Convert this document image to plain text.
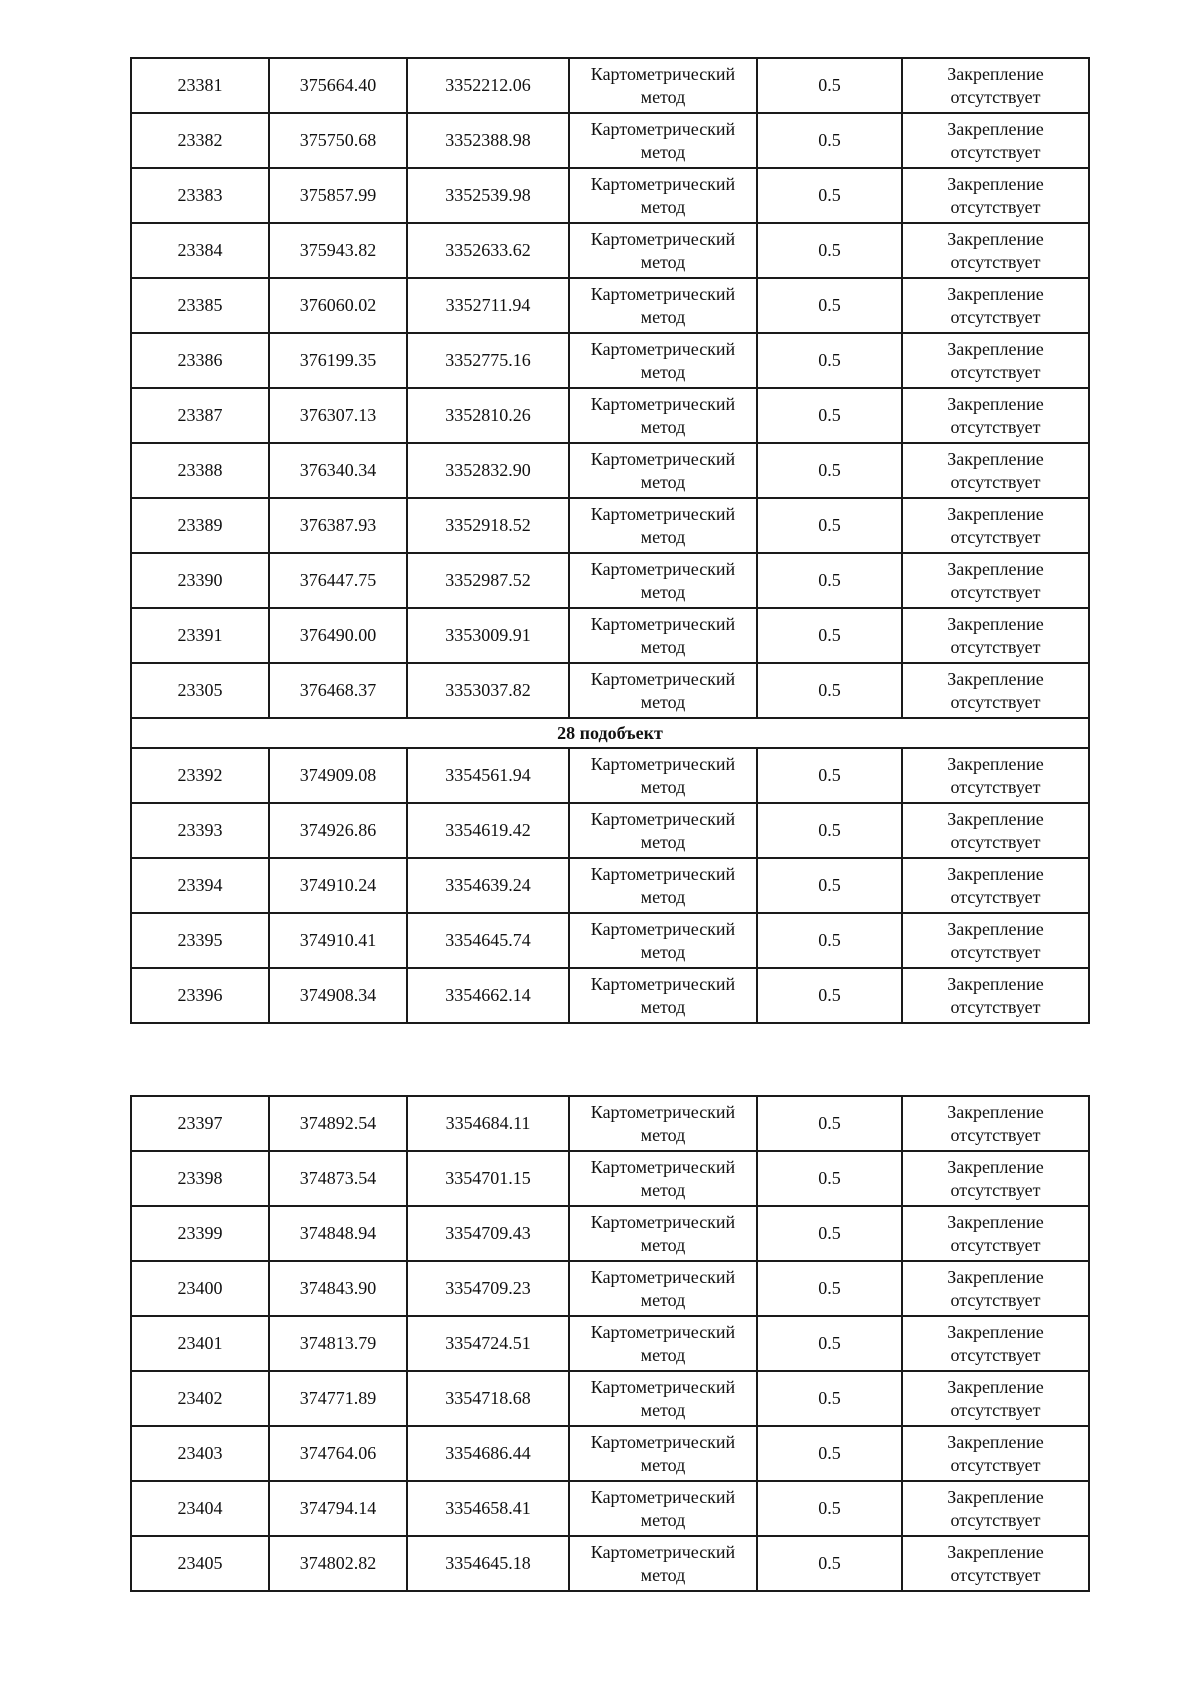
23381	375664.40	3352212.06	Картометрический
метод	0.5	Закрепление
отсутствует

23382	375750.68	3352388.98	Картометрический
метод	0.5	Закрепление
отсутствует

23383	375857.99	3352539.98	Картометрический
метод	0.5	Закрепление
отсутствует

23384	375943.82	3352633.62	Картометрический
метод	0.5	Закрепление
отсутствует

23385	376060.02	3352711.94	Картометрический
метод	0.5	Закрепление
отсутствует

23386	376199.35	3352775.16	Картометрический
метод	0.5	Закрепление
отсутствует

23387	376307.13	3352810.26	Картометрический
метод	0.5	Закрепление
отсутствует

23388	376340.34	3352832.90	Картометрический
метод	0.5	Закрепление
отсутствует

23389	376387.93	3352918.52	Картометрический
метод	0.5	Закрепление
отсутствует

23390	376447.75	3352987.52	Картометрический
метод	0.5	Закрепление
отсутствует

23391	376490.00	3353009.91	Картометрический
метод	0.5	Закрепление
отсутствует

23305	376468.37	3353037.82	Картометрический
метод	0.5	Закрепление
отсутствует

28 подобъект					
23392	374909.08	3354561.94	Картометрический
метод	0.5	Закрепление
отсутствует

23393	374926.86	3354619.42	Картометрический
метод	0.5	Закрепление
отсутствует

23394	374910.24	3354639.24	Картометрический
метод	0.5	Закрепление
отсутствует

23395	374910.41	3354645.74	Картометрический
метод	0.5	Закрепление
отсутствует

23396	374908.34	3354662.14	Картометрический
метод	0.5	Закрепление
отсутствует
23397	374892.54	3354684.11	Картометрический
метод	0.5	Закрепление
отсутствует

23398	374873.54	3354701.15	Картометрический
метод	0.5	Закрепление
отсутствует

23399	374848.94	3354709.43	Картометрический
метод	0.5	Закрепление
отсутствует

23400	374843.90	3354709.23	Картометрический
метод	0.5	Закрепление
отсутствует

23401	374813.79	3354724.51	Картометрический
метод	0.5	Закрепление
отсутствует

23402	374771.89	3354718.68	Картометрический
метод	0.5	Закрепление
отсутствует

23403	374764.06	3354686.44	Картометрический
метод	0.5	Закрепление
отсутствует

23404	374794.14	3354658.41	Картометрический
метод	0.5	Закрепление
отсутствует

23405	374802.82	3354645.18	Картометрический
метод	0.5	Закрепление
отсутствует
